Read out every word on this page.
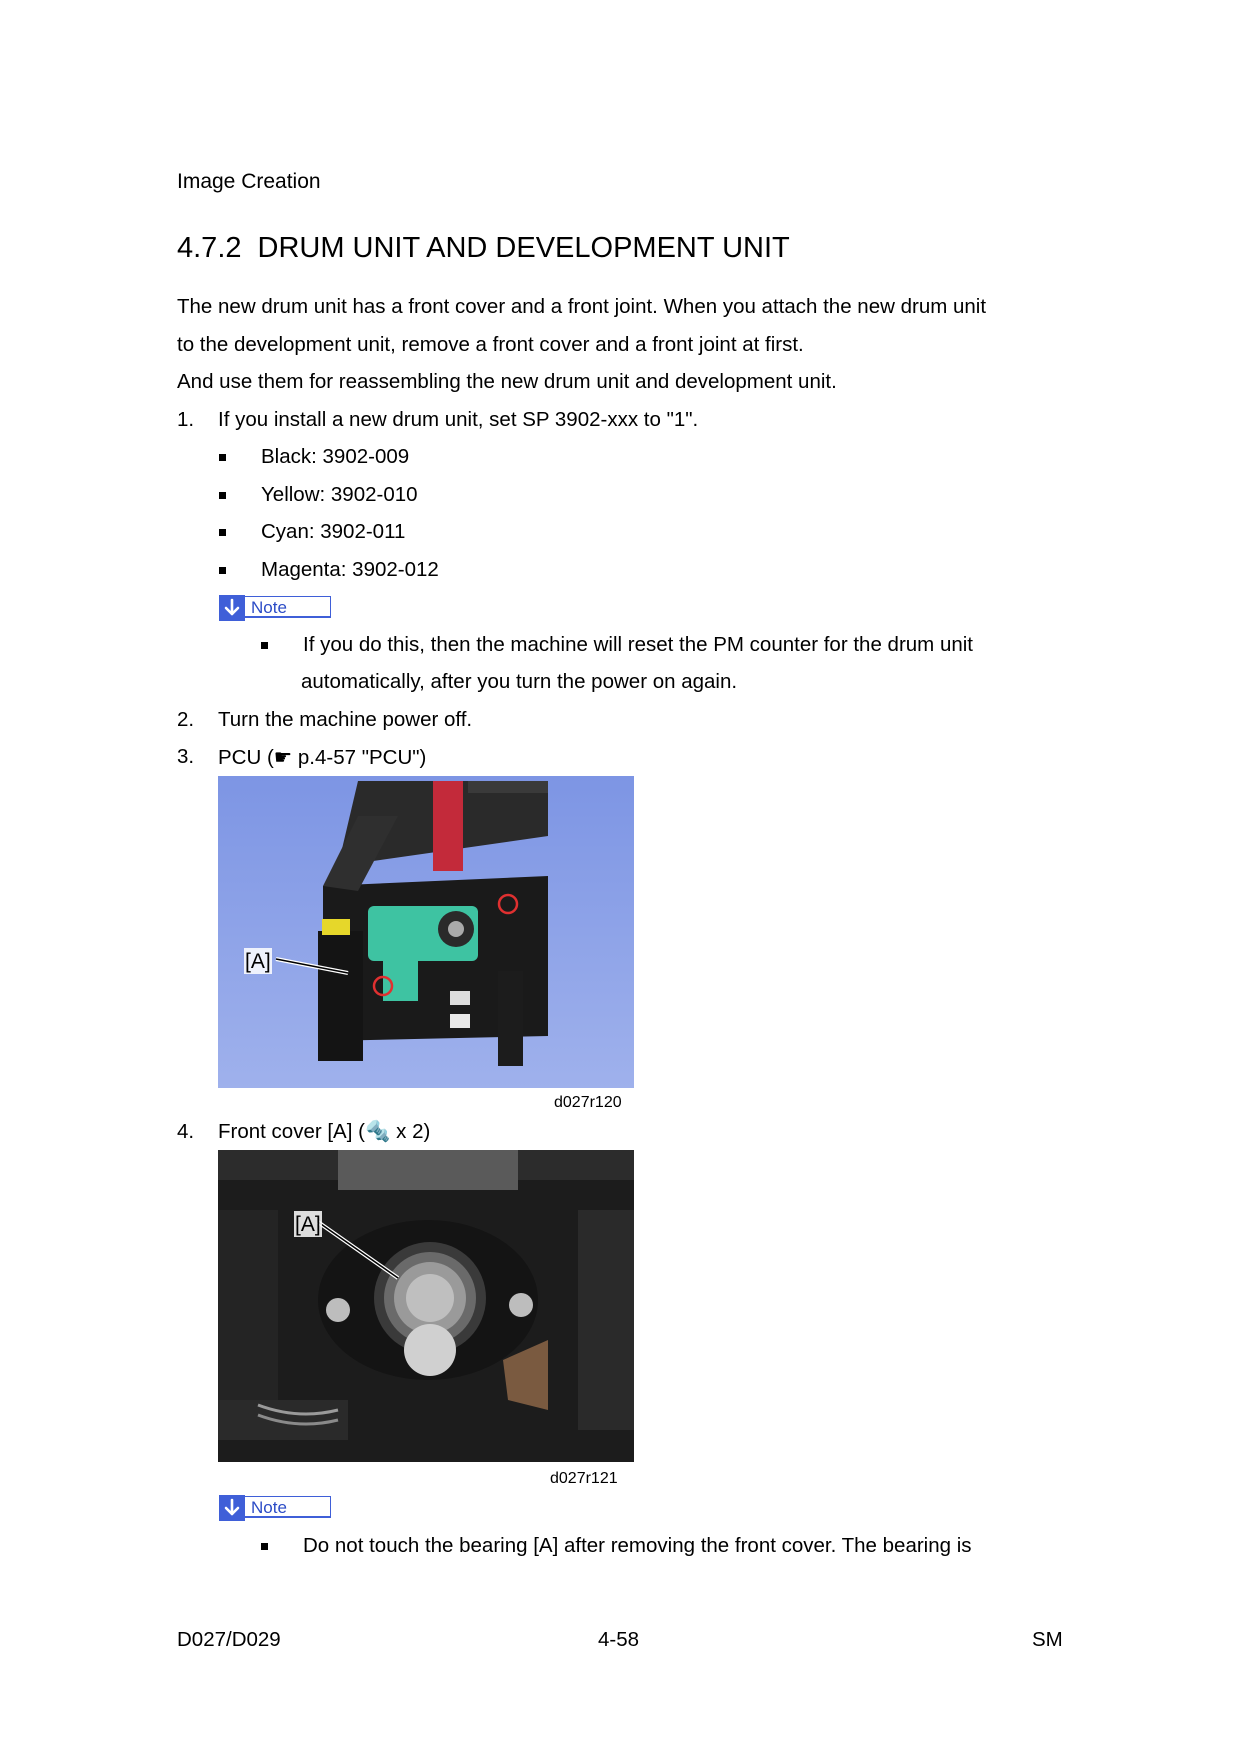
Image Creation
4.7.2 DRUM UNIT AND DEVELOPMENT UNIT
The new drum unit has a front cover and a front joint. When you attach the new drum unit
to the development unit, remove a front cover and a front joint at first.
And use them for reassembling the new drum unit and development unit.
1. If you install a new drum unit, set SP 3902-xxx to "1".
Black: 3902-009
Yellow: 3902-010
Cyan: 3902-011
Magenta: 3902-012
Note
If you do this, then the machine will reset the PM counter for the drum unit
automatically, after you turn the power on again.
2. Turn the machine power off.
3. PCU (☛ p.4-57 "PCU")
[A]
d027r120
4. Front cover [A] (🔩 x 2)
[A]
d027r121
Note
Do not touch the bearing [A] after removing the front cover. The bearing is
D027/D029	4-58	SM
